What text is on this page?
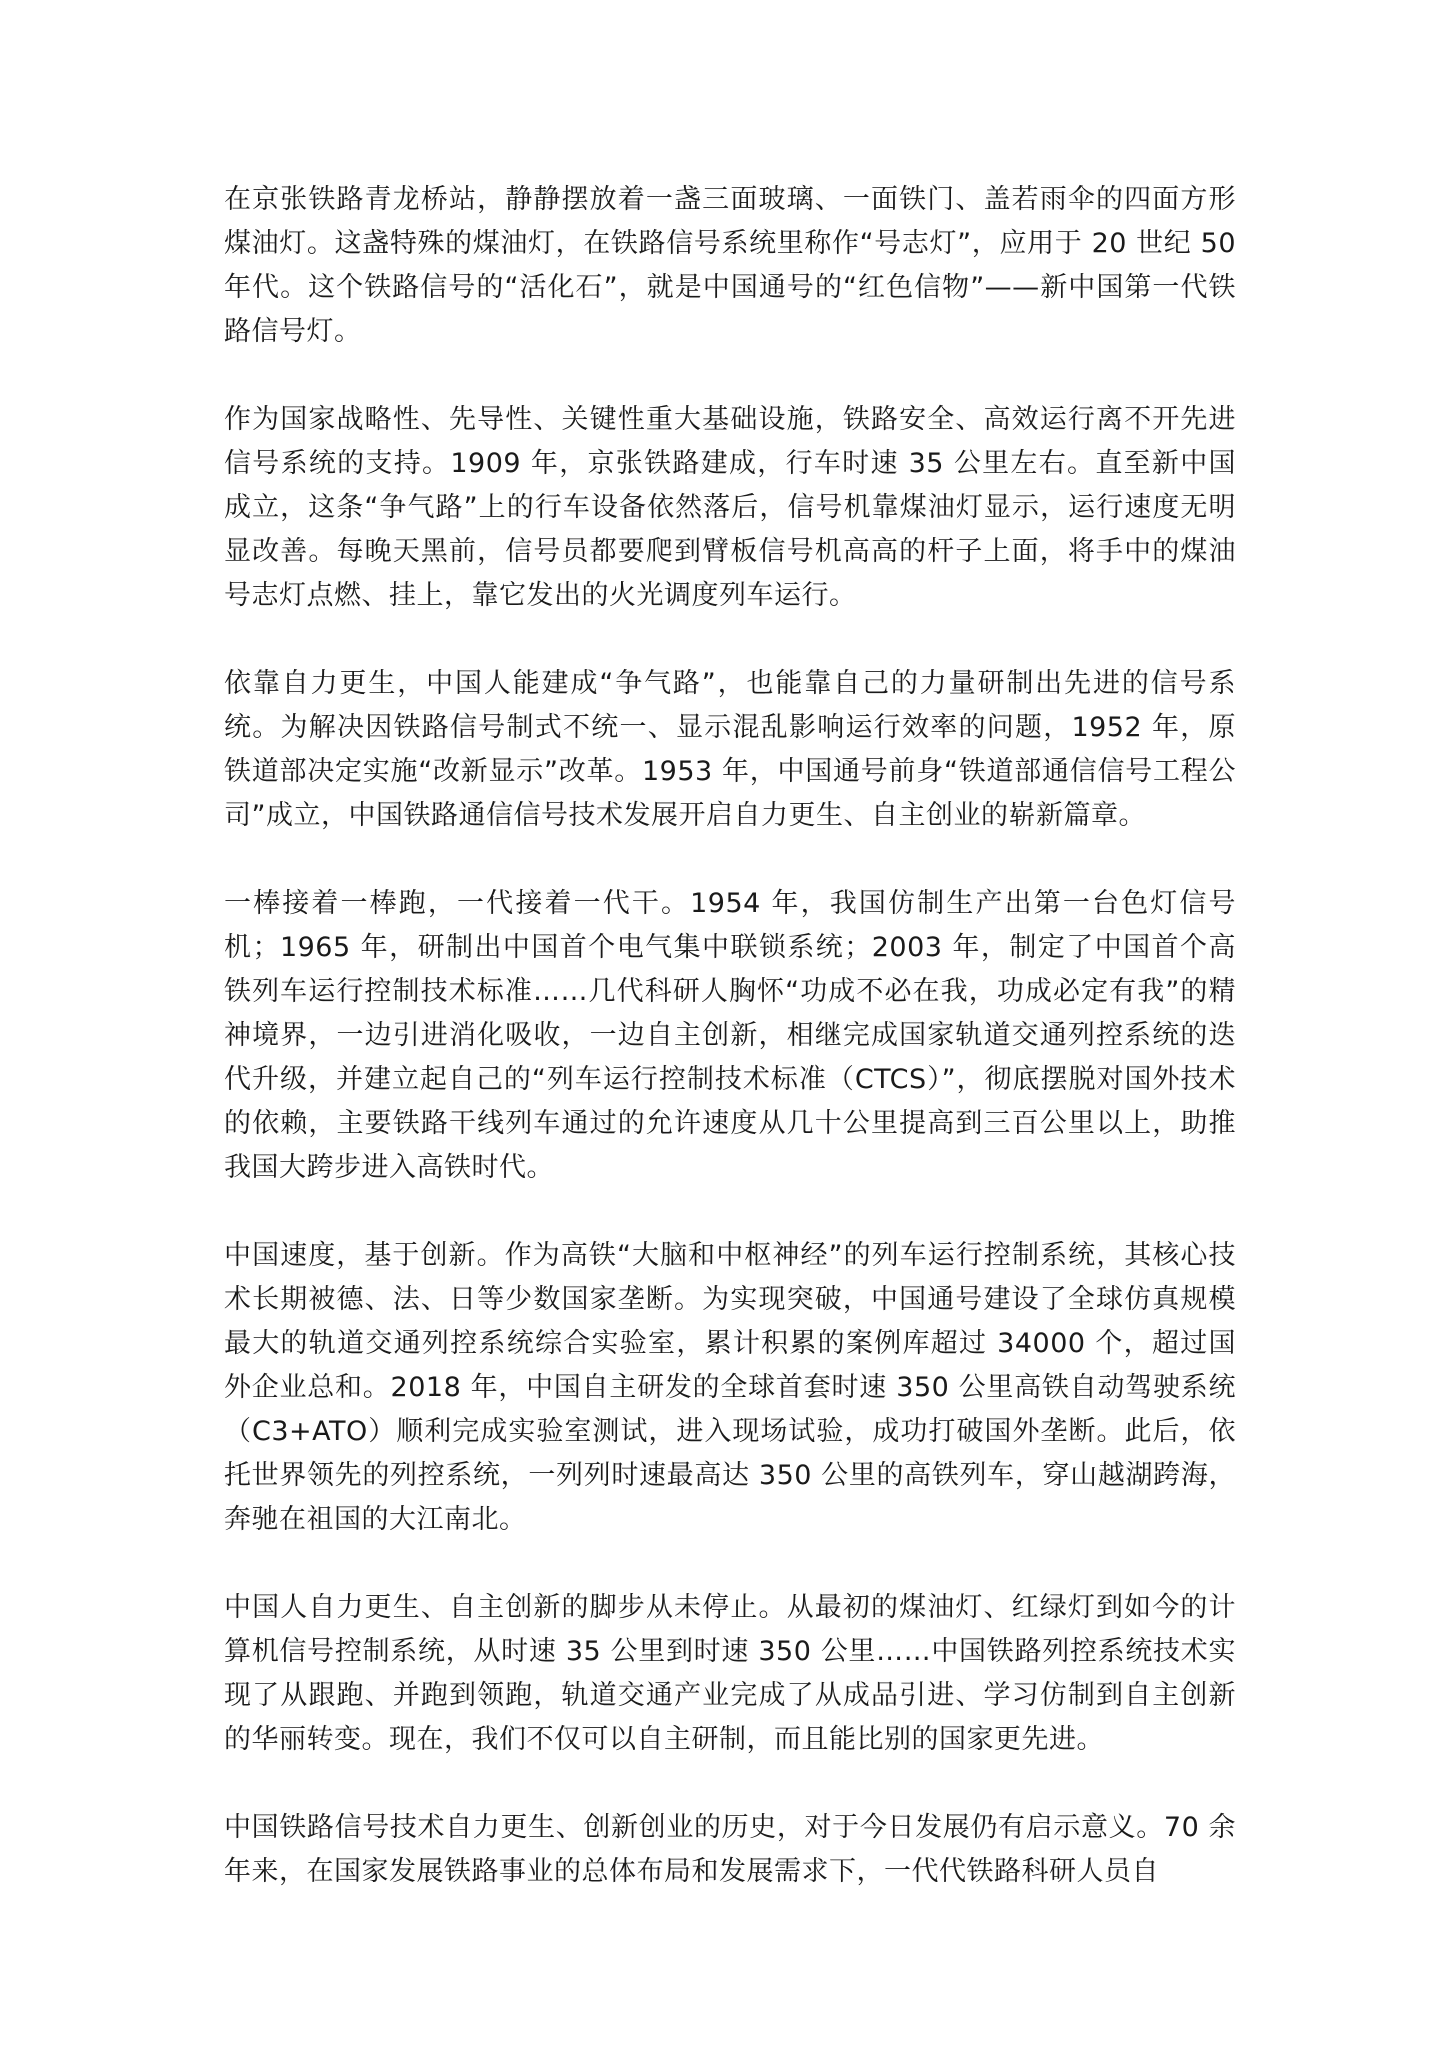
在京张铁路青龙桥站，静静摆放着一盏三面玻璃、一面铁门、盖若雨伞的四面方形煤油灯。这盏特殊的煤油灯，在铁路信号系统里称作“号志灯”，应用于 20 世纪 50 年代。这个铁路信号的“活化石”，就是中国通号的“红色信物”——新中国第一代铁路信号灯。

作为国家战略性、先导性、关键性重大基础设施，铁路安全、高效运行离不开先进信号系统的支持。1909 年，京张铁路建成，行车时速 35 公里左右。直至新中国成立，这条“争气路”上的行车设备依然落后，信号机靠煤油灯显示，运行速度无明显改善。每晚天黑前，信号员都要爬到臂板信号机高高的杆子上面，将手中的煤油号志灯点燃、挂上，靠它发出的火光调度列车运行。

依靠自力更生，中国人能建成“争气路”，也能靠自己的力量研制出先进的信号系统。为解决因铁路信号制式不统一、显示混乱影响运行效率的问题，1952 年，原铁道部决定实施“改新显示”改革。1953 年，中国通号前身“铁道部通信信号工程公司”成立，中国铁路通信信号技术发展开启自力更生、自主创业的崭新篇章。

一棒接着一棒跑，一代接着一代干。1954 年，我国仿制生产出第一台色灯信号机；1965 年，研制出中国首个电气集中联锁系统；2003 年，制定了中国首个高铁列车运行控制技术标准……几代科研人胸怀“功成不必在我，功成必定有我”的精神境界，一边引进消化吸收，一边自主创新，相继完成国家轨道交通列控系统的迭代升级，并建立起自己的“列车运行控制技术标准（CTCS）”，彻底摆脱对国外技术的依赖，主要铁路干线列车通过的允许速度从几十公里提高到三百公里以上，助推我国大跨步进入高铁时代。

中国速度，基于创新。作为高铁“大脑和中枢神经”的列车运行控制系统，其核心技术长期被德、法、日等少数国家垄断。为实现突破，中国通号建设了全球仿真规模最大的轨道交通列控系统综合实验室，累计积累的案例库超过 34000 个，超过国外企业总和。2018 年，中国自主研发的全球首套时速 350 公里高铁自动驾驶系统（C3+ATO）顺利完成实验室测试，进入现场试验，成功打破国外垄断。此后，依托世界领先的列控系统，一列列时速最高达 350 公里的高铁列车，穿山越湖跨海，奔驰在祖国的大江南北。

中国人自力更生、自主创新的脚步从未停止。从最初的煤油灯、红绿灯到如今的计算机信号控制系统，从时速 35 公里到时速 350 公里……中国铁路列控系统技术实现了从跟跑、并跑到领跑，轨道交通产业完成了从成品引进、学习仿制到自主创新的华丽转变。现在，我们不仅可以自主研制，而且能比别的国家更先进。

中国铁路信号技术自力更生、创新创业的历史，对于今日发展仍有启示意义。70 余年来，在国家发展铁路事业的总体布局和发展需求下，一代代铁路科研人员自
